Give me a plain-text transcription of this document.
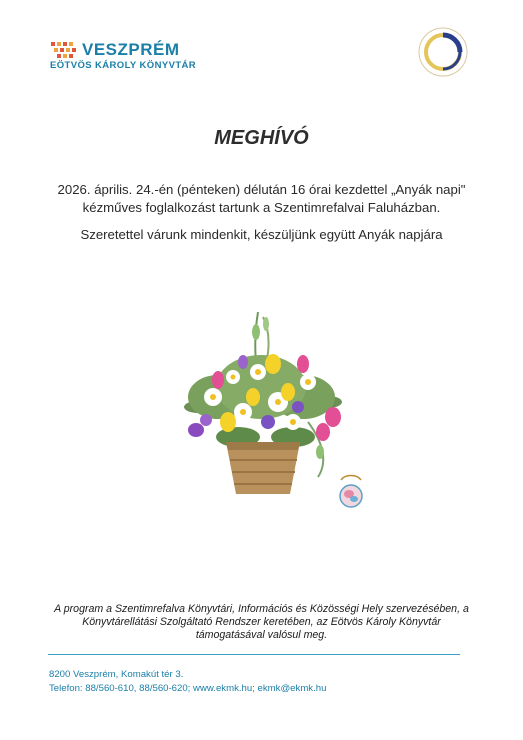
VESZPRÉM
EÖTVÖS KÁROLY KÖNYVTÁR
MEGHÍVÓ
2026. április. 24.-én (pénteken) délután 16 órai kezdettel „Anyák napi"
kézműves foglalkozást tartunk a Szentimrefalvai Faluházban.
Szeretettel várunk mindenkit, készüljünk együtt Anyák napjára
A program a Szentimrefalva Könyvtári, Információs és Közösségi Hely szervezésében, a
Könyvtárellátási Szolgáltató Rendszer keretében, az Eötvös Károly Könyvtár
támogatásával valósul meg.
8200 Veszprém, Komakút tér 3.
Telefon: 88/560-610, 88/560-620; www.ekmk.hu; ekmk@ekmk.hu
